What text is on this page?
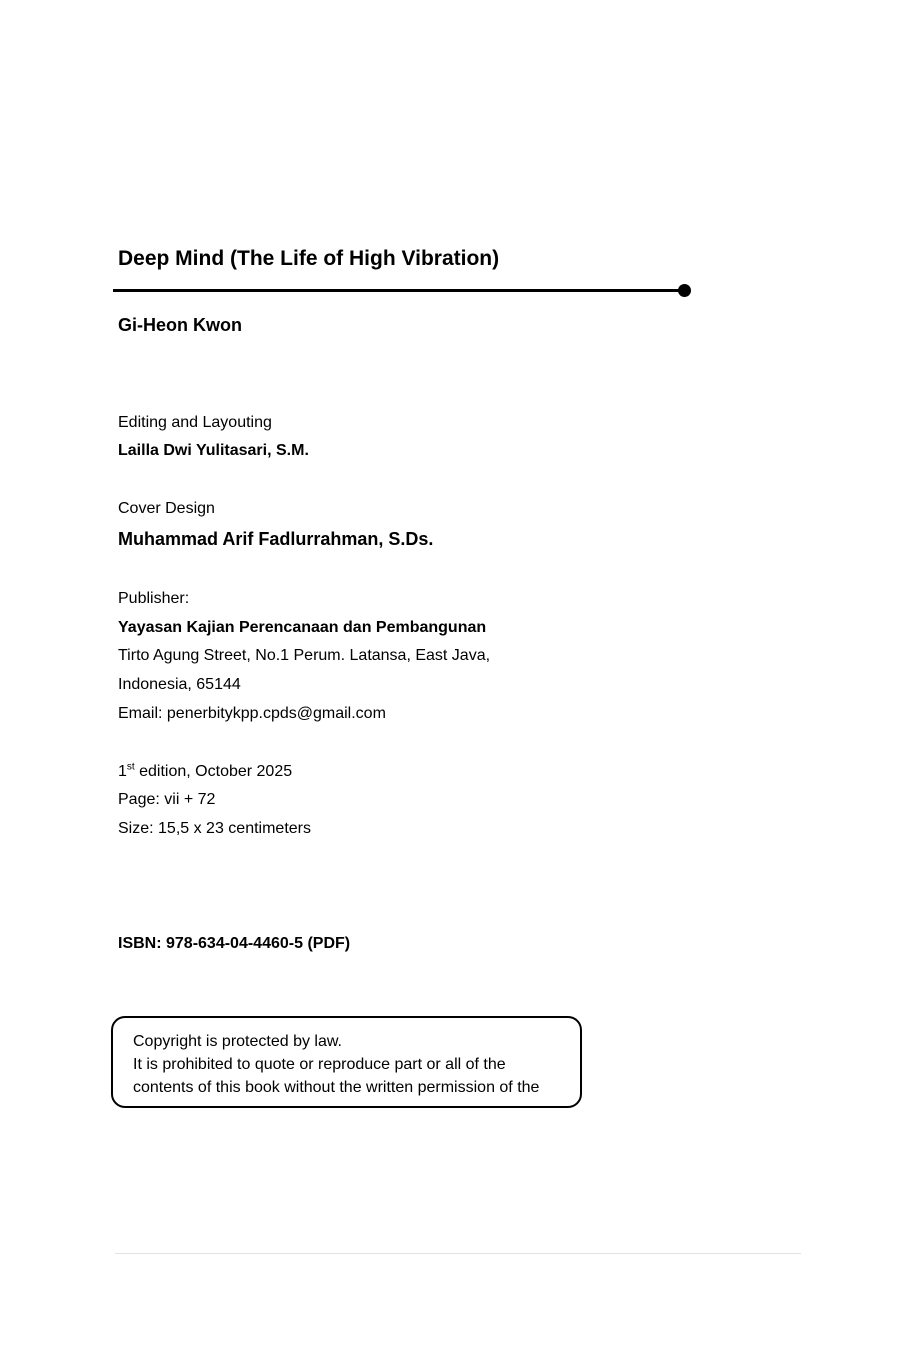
Deep Mind (The Life of High Vibration)
Gi-Heon Kwon
Editing and Layouting
Lailla Dwi Yulitasari, S.M.
Cover Design
Muhammad Arif Fadlurrahman, S.Ds.
Publisher:
Yayasan Kajian Perencanaan dan Pembangunan
Tirto Agung Street, No.1 Perum. Latansa, East Java,
Indonesia, 65144
Email: penerbitykpp.cpds@gmail.com
1st edition, October 2025
Page: vii + 72
Size: 15,5 x 23 centimeters
ISBN: 978-634-04-4460-5 (PDF)
Copyright is protected by law.
It is prohibited to quote or reproduce part or all of the
contents of this book without the written permission of the
